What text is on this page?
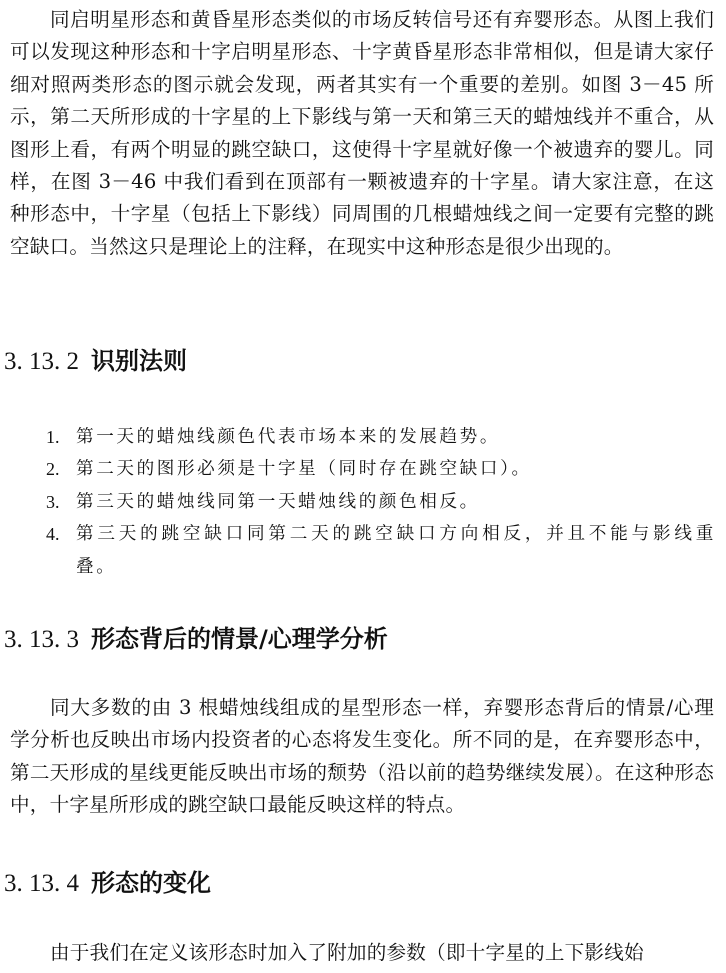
同启明星形态和黄昏星形态类似的市场反转信号还有弃婴形态。从图上我们可以发现这种形态和十字启明星形态、十字黄昏星形态非常相似，但是请大家仔细对照两类形态的图示就会发现，两者其实有一个重要的差别。如图 3－45 所示，第二天所形成的十字星的上下影线与第一天和第三天的蜡烛线并不重合，从图形上看，有两个明显的跳空缺口，这使得十字星就好像一个被遗弃的婴儿。同样，在图 3－46 中我们看到在顶部有一颗被遗弃的十字星。请大家注意，在这种形态中，十字星（包括上下影线）同周围的几根蜡烛线之间一定要有完整的跳空缺口。当然这只是理论上的注释，在现实中这种形态是很少出现的。

3. 13. 2 识别法则
1. 第一天的蜡烛线颜色代表市场本来的发展趋势。
2. 第二天的图形必须是十字星（同时存在跳空缺口）。
3. 第三天的蜡烛线同第一天蜡烛线的颜色相反。
4. 第三天的跳空缺口同第二天的跳空缺口方向相反，并且不能与影线重叠。
3. 13. 3 形态背后的情景/心理学分析

同大多数的由 3 根蜡烛线组成的星型形态一样，弃婴形态背后的情景/心理学分析也反映出市场内投资者的心态将发生变化。所不同的是，在弃婴形态中，第二天形成的星线更能反映出市场的颓势（沿以前的趋势继续发展）。在这种形态中，十字星所形成的跳空缺口最能反映这样的特点。

3. 13. 4 形态的变化

由于我们在定义该形态时加入了附加的参数（即十字星的上下影线始
